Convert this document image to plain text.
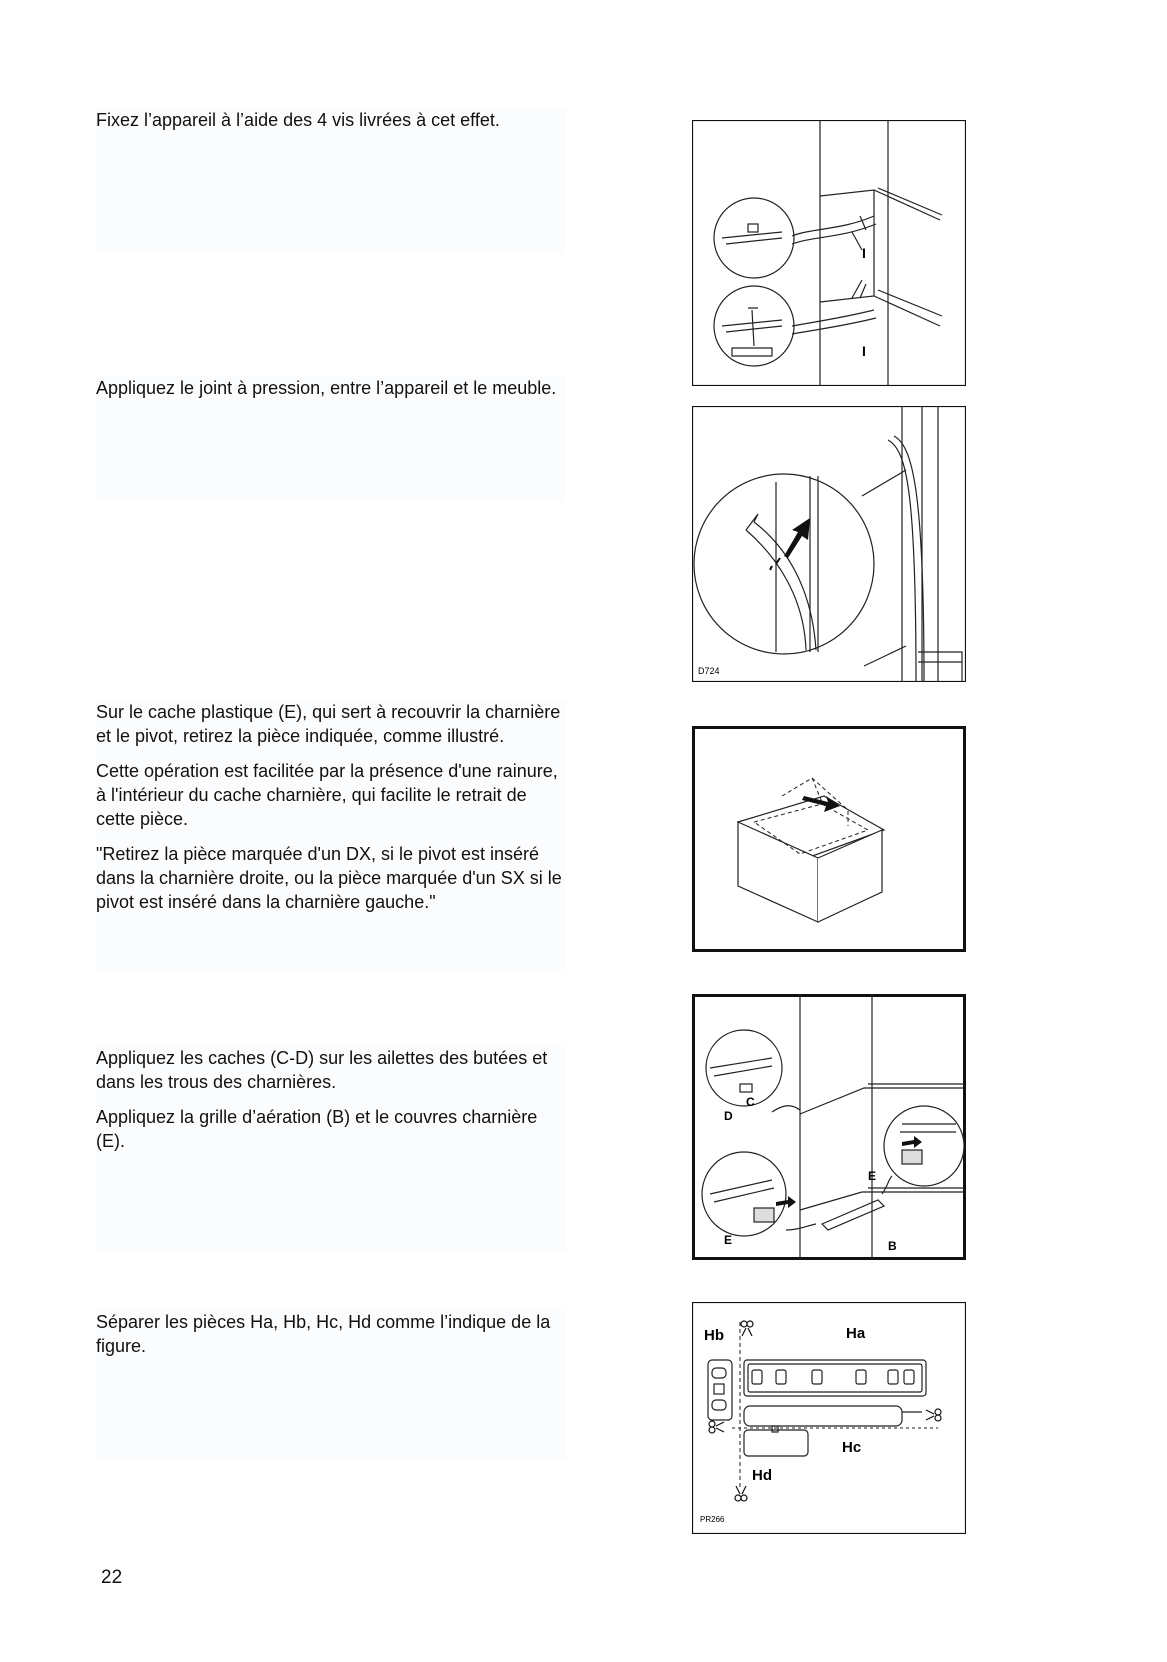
Fixez l’appareil à l’aide des 4 vis livrées à cet effet.

Appliquez le joint à pression, entre l’appareil et le meuble.

Sur le cache plastique (E), qui sert à recouvrir la charnière et le pivot, retirez la pièce indiquée, comme illustré.

Cette opération est facilitée par la présence d'une rainure, à l'intérieur du cache charnière, qui facilite le retrait de cette pièce.

"Retirez la pièce marquée d'un DX, si le pivot est inséré dans la charnière droite, ou la pièce marquée d'un SX si le pivot est inséré dans la charnière gauche."

Appliquez les caches (C-D) sur les ailettes des butées et dans les trous des charnières.

Appliquez la grille d’aération (B) et le couvres charnière (E).

Séparer les pièces Ha, Hb, Hc, Hd comme l’indique de la figure.

I
I
D724
C
D
E
E	B
Hb	Ha
Hc
Hd
PR266
22
